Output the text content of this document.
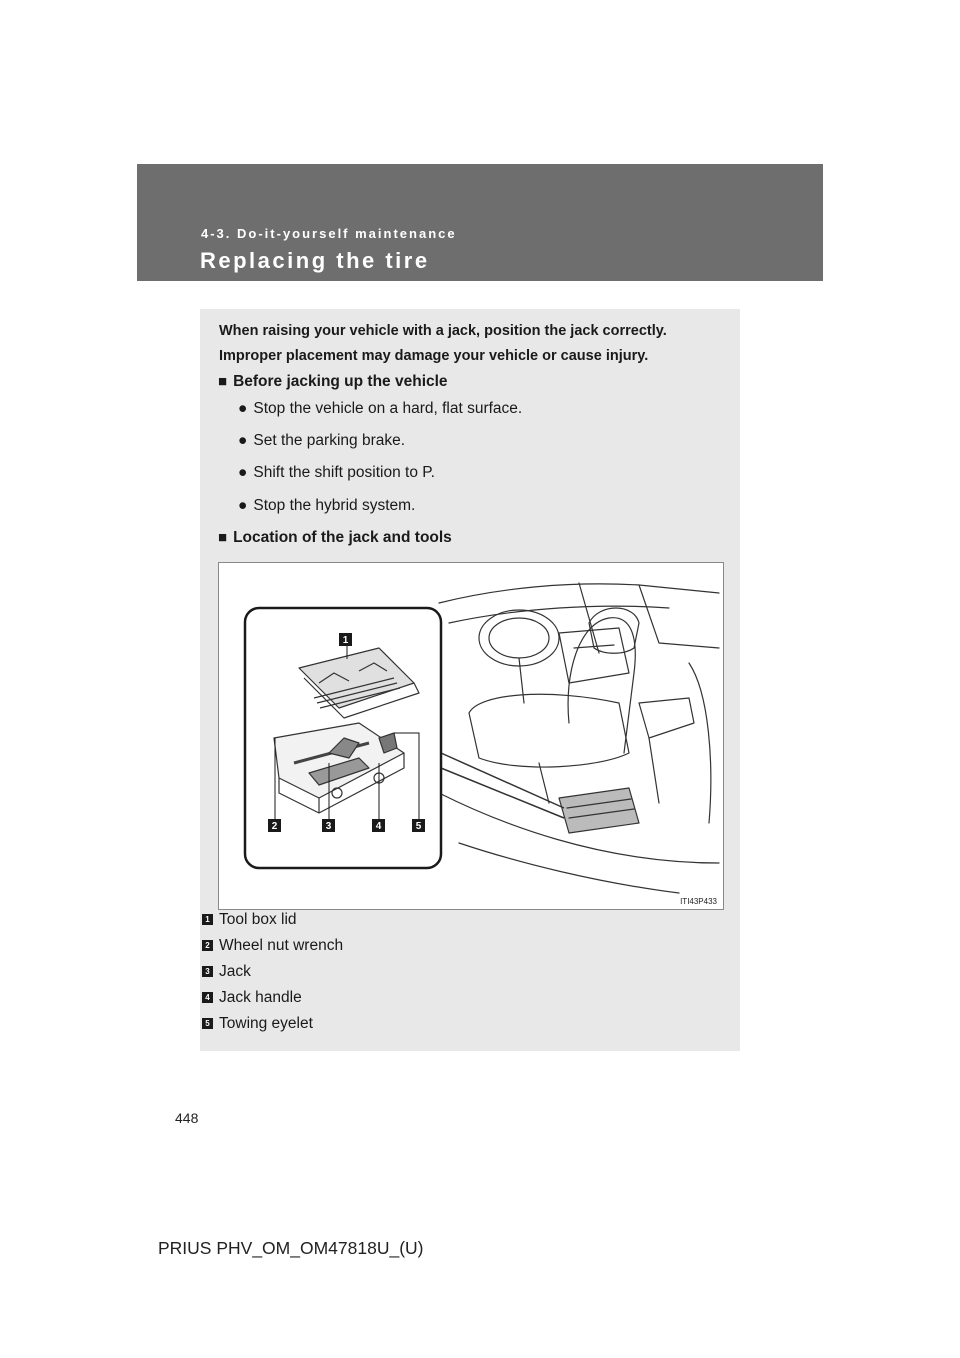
4-3. Do-it-yourself maintenance
Replacing the tire
When raising your vehicle with a jack, position the jack correctly.
Improper placement may damage your vehicle or cause injury.
■ Before jacking up the vehicle
● Stop the vehicle on a hard, flat surface.
● Set the parking brake.
● Shift the shift position to P.
● Stop the hybrid system.
■ Location of the jack and tools
1
2	3	4	5
ITI43P433
1 Tool box lid
2 Wheel nut wrench
3 Jack
4 Jack handle
5 Towing eyelet
448
PRIUS PHV_OM_OM47818U_(U)
